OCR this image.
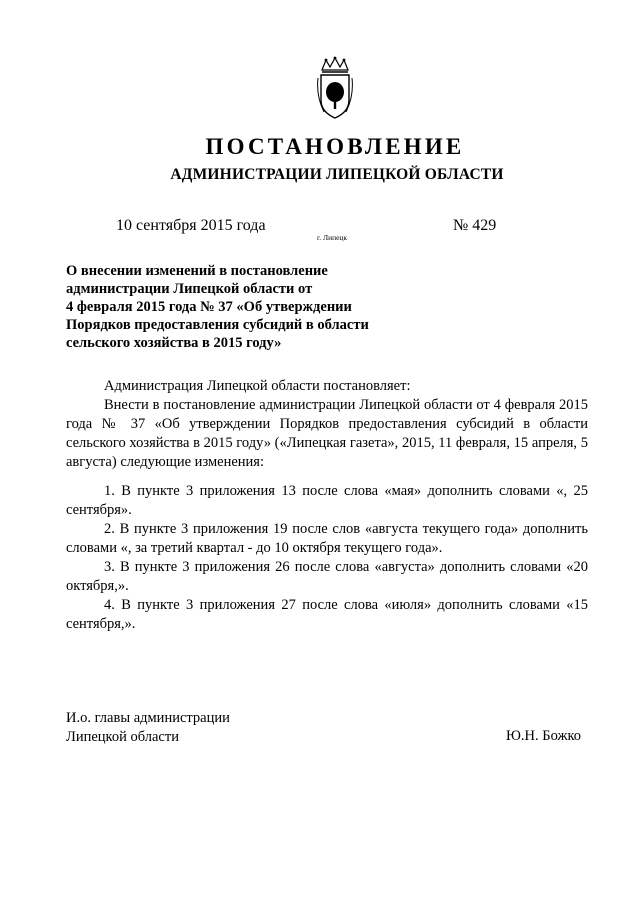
ПОСТАНОВЛЕНИЕ
АДМИНИСТРАЦИИ ЛИПЕЦКОЙ ОБЛАСТИ
10 сентября 2015 года
г. Липецк
№ 429
О внесении изменений в постановление
администрации Липецкой области от
4 февраля 2015 года № 37 «Об утверждении
Порядков предоставления субсидий в области
сельского хозяйства в 2015 году»

Администрация Липецкой области постановляет:

Внести в постановление администрации Липецкой области от 4 февраля 2015 года № 37 «Об утверждении Порядков предоставления субсидий в области сельского хозяйства в 2015 году» («Липецкая газета», 2015, 11 февраля, 15 апреля, 5 августа) следующие изменения:

1. В пункте 3 приложения 13 после слова «мая» дополнить словами «, 25 сентября».

2. В пункте 3 приложения 19 после слов «августа текущего года» дополнить словами «, за третий квартал - до 10 октября текущего года».

3. В пункте 3 приложения 26 после слова «августа» дополнить словами «20 октября,».

4. В пункте 3 приложения 27 после слова «июля» дополнить словами «15 сентября,».

И.о. главы администрации
Липецкой области	Ю.Н. Божко
